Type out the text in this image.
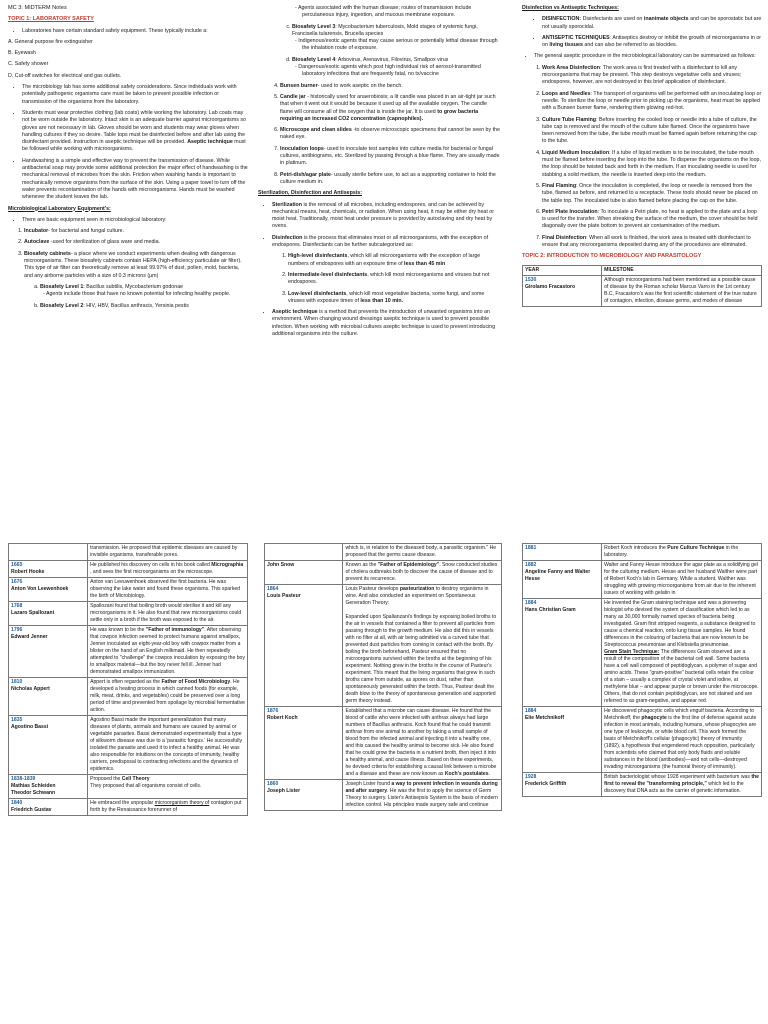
MC 3: MIDTERM Notes
TOPIC 1: LABORATORY SAFETY
• Laboratories have certain standard safety equipment. These typically include a:

A. General purpose fire extinguisher

B. Eyewash

C. Safety shower

D. Cut-off switches for electrical and gas outlets.

• The microbiology lab has some additional safety considerations. Since individuals work with potentially pathogenic organisms care must be taken to prevent possible infection or transmission of the organisms from the laboratory.
• Students must wear protective clothing (lab coats) while working the laboratory. Lab coats may not be worn outside the laboratory. Intact skin is an adequate barrier against microorganisms so gloves are not necessary in lab. Gloves should be worn and students may wear gloves when handling cultures if they so desire. Table tops must be disinfected before and after lab using the disinfectant provided. Instruction in aseptic technique will be provided. Aseptic technique must be followed while working with microorganisms.
• Handwashing is a simple and effective way to prevent the transmission of disease. While antibacterial soap may provide some additional protection the major effect of handwashing is the mechanical removal of microbes from the skin. Friction when washing hands is important to mechanically remove organisms from the surface of the skin. Using a paper towel to turn off the water prevents recontamination of the hands with microorganisms. Hands must be washed whenever the student leaves the lab.
Microbiological Laboratory Equipment's:
• There are basic equipment seen in microbiological laboratory:
1. Incubator- for bacterial and fungal culture.
2. Autoclave -used for sterilization of glass ware and media.
3. Biosafety cabinets- a place where we conduct experiments when dealing with dangerous microorganisms. These biosafety cabinets contain HEPA (high-efficiency particulate air filter). This type of air filter can theoretically remove at least 99.97% of dust, pollen, mold, bacteria, and any airborne particles with a size of 0.3 microns (µm)
a. Biosafety Level 1: Bacillus subtilis, Mycobacterium godonae
- Agents include those that have no known potential for infecting healthy people.
b. Biosafety Level 2: HIV, HBV, Bacillus anthracis, Yersinia pestis
- Agents associated with the human disease; routes of transmission include percutaneous injury, ingestion, and mucous membrane exposure.
c. Biosafety Level 3: Mycobacterium tuberculosis, Mold stages of systemic fungi, Francisella tularensis, Brucella species
- Indigenous/exotic agents that may cause serious or potentially lethal disease through the inhalation route of exposure.
d. Biosafety Level 4: Arbovirus, Arenavirus, Filovirus, Smallpox virus
- Dangerous/exotic agents which post high individual risk of aerosol-transmitted laboratory infections that are frequently fatal, no tx/vaccine
4. Bunsen burner- used to work aseptic on the bench.
5. Candle jar - historically used for anaerobiosis; a lit candle was placed in an air-tight jar such that when it went out it would be because it used up all the available oxygen. The candle flame will consume all of the oxygen that is inside the jar. It is used to grow bacteria requiring an increased CO2 concentration (capnophiles).
6. Microscope and clean slides -to observe microscopic specimens that cannot be seen by the naked eye.
7. Inoculation loops- used to inoculate test samples into culture media for bacterial or fungal cultures, antibiograms, etc. Sterilized by passing through a blue flame. They are usually made in platinum.
8. Petri-dish/agar plate- usually sterile before use, to act as a supporting container to hold the culture medium in.
Sterilization, Disinfection and Antisepsis:
• Sterilization is the removal of all microbes, including endospores, and can be achieved by mechanical means, heat, chemicals, or radiation. When using heat, it may be either dry heat or moist heat. Traditionally, moist heat under pressure is provided by autoclaving and dry heat by ovens.
• Disinfection is the process that eliminates most or all microorganisms, with the exception of endospores. Disinfectants can be further subcategorized as:
1. High-level disinfectants, which kill all microorganisms with the exception of large numbers of endospores with an exposure time of less than 45 min
2. Intermediate-level disinfectants, which kill most microorganisms and viruses but not endospores.
3. Low-level disinfectants, which kill most vegetative bacteria, some fungi, and some viruses with exposure times of less than 10 min.
• Aseptic technique is a method that prevents the introduction of unwanted organisms into an environment. When changing wound dressings aseptic technique is used to prevent possible infection. When working with microbial cultures aseptic technique is used to prevent introducing additional organisms into the culture.
Disinfection vs Antiseptic Techniques:
• DISINFECTION: Disinfectants are used on inanimate objects and can be sporostatic but are not usually sporocidal.
• ANTISEPTIC TECHNIQUES: Antiseptics destroy or inhibit the growth of microorganisms in or on living tissues and can also be referred to as biocides.
• The general aseptic procedure in the microbiological laboratory can be summarized as follows:
1. Work Area Disinfection: The work area is first treated with a disinfectant to kill any microorganisms that may be present. This step destroys vegetative cells and viruses; endospores, however, are not destroyed in this brief application of disinfectant.
2. Loops and Needles: The transport of organisms will be performed with an inoculating loop or needle. To sterilize the loop or needle prior to picking up the organisms, heat must be applied with a Bunsen burner flame, rendering them glowing red-hot.
3. Culture Tube Flaming: Before inserting the cooled loop or needle into a tube of culture, the tube cap is removed and the mouth of the culture tube flamed. Once the organisms have been removed from the tube, the tube mouth must be flamed again before returning the cap to the tube.
4. Liquid Medium Inoculation: If a tube of liquid medium is to be inoculated, the tube mouth must be flamed before inserting the loop into the tube. To disperse the organisms on the loop, the loop should be twisted back and forth in the medium. If an inoculating needle is used for stabbing a solid medium, the needle is inserted deep into the medium.
5. Final Flaming: Once the inoculation is completed, the loop or needle is removed from the tube, flamed as before, and returned to a receptacle. These tools should never be placed on the table top. The inoculated tube is also flamed before placing the cap on the tube.
6. Petri Plate Inoculation: To inoculate a Petri plate, no heat is applied to the plate and a loop is used for the transfer. When streaking the surface of the medium, the cover should be held diagonally over the plate bottom to prevent air contamination of the medium.
7. Final Disinfection: When all work is finished, the work area is treated with disinfectant to ensure that any microorganisms deposited during any of the procedures are eliminated.
TOPIC 2: INTRODUCTION TO MICROBIOLOGY AND PARASITOLOGY
YEAR	MILESTONE

1530
Girolamo Fracastoro	Although microorganisms had been mentioned as a possible cause of disease by the Roman scholar Marcus Varro in the 1st century B.C, Fracastoro's was the first scientific statement of the true nature of contagion, infection, disease germs, and modes of disease
	transmission. He proposed that epidemic diseases are caused by invisible organisms, transferable pores.

1665
Robert Hooke	He published his discovery on cells in his book called Micrographia , and sees the first microorganisms on the microscope.

1676
Anton Von Leewenhoek	Anton van Leeuwenhoek observed the first bacteria. He was observing the lake water and found these organisms. This sparked the birth of Microbiology.

1768
Lazaro Spallozani	Spallozani found that boiling broth would sterilise it and kill any microorganisms in it. He also found that new microorganisms could settle only in a broth if the broth was exposed to the air.

1796
Edward Jenner	He was known to be the "Father of immunology". After observing that cowpox infection seemed to protect humans against smallpox, Jenner inoculated an eight-year-old boy with cowpox matter from a blister on the hand of an English milkmaid. He then repeatedly attempted to "challenge" the cowpox inoculation by exposing the boy to smallpox material—but the boy never fell ill. Jenner had demonstrated smallpox immunization.

1810
Nicholas Appert	Appert is often regarded as the Father of Food Microbiology. He developed a heating process in which canned foods (for example, milk, meat, drinks, and vegetables) could be preserved over a long period of time and prevented from spoilage by microbial fermentative action.

1835
Agostino Bassi	Agostino Bassi made the important generalization that many diseases of plants, animals and humans are caused by animal or vegetable parasites. Bassi demonstrated experimentally that a type of silkworm disease was due to a 'parasitic fungus.' He successfully isolated the parasite and used it to infect a healthy animal. He was also responsible for intuitions on the concepts of immunity, healthy carriers, predisposal to contracting infections and the dynamics of epidemics.

1838-1839
Mathias Schleiden
Theodor Schwann	Proposed the Cell Theory
They proposed that all organisms consist of cells.

1840
Friedrich Gustav	He embraced the unpopular microorganism theory of contagion put forth by the Renaissance forerunner of
	which is, in relation to the diseased body, a parasitic organism." He proposed that the germs cause disease.

John Snow	Known as the "Father of Epidemiology". Snow conducted studies of cholera outbreaks both to discover the cause of disease and to prevent its recurrence.

1864
Louis Pasteur	Louis Pasteur develops pasteurization to destroy organisms in wine. And also conducted an experiment on Spontaneous Generation Theory:

Expanded upon Spallanzani's findings by exposing boiled broths to the air in vessels that contained a filter to prevent all particles from passing through to the growth medium. He also did this in vessels with no filter at all, with air being admitted via a curved tube that prevented dust particles from coming in contact with the broth. By boiling the broth beforehand, Pasteur ensured that no microorganisms survived within the broths at the beginning of his experiment. Nothing grew in the broths in the course of Pasteur's experiment. This meant that the living organisms that grew in such broths came from outside, as spores on dust, rather than spontaneously generated within the broth. Thus, Pasteur dealt the death blow to the theory of spontaneous generation and supported germ theory instead.

1876
Robert Koch	Established that a microbe can cause disease. He found that the blood of cattle who were infected with anthrax always had large numbers of Bacillus anthracis. Koch found that he could transmit anthrax from one animal to another by taking a small sample of blood from the infected animal and injecting it into a healthy one, and this caused the healthy animal to become sick. He also found that he could grow the bacteria in a nutrient broth, then inject it into a healthy animal, and cause illness. Based on these experiments, he devised criteria for establishing a causal link between a microbe and a disease and these are now known as Koch's postulates.

1860
Joseph Lister	Joseph Lister found a way to prevent infection in wounds during and after surgery. He was the first to apply the science of Germ Theory to surgery. Lister's Antisepsis System is the basis of modern infection control. His principles made surgery safe and continue
1881	Robert Koch introduces the Pure Culture Technique in the laboratory.

1882
Angeline Fanny and Walter Hesse	Walter and Fanny Hesse introduce the agar plate as a solidifying gel for the culturing medium. Hesse and her husband Walther were part of Robert Koch's lab in Germany. While a student, Walther was struggling with growing microorganisms from air due to the inherent issues of working with gelatin in

1884
Hans Christian Gram	He invented the Gram staining technique and was a pioneering biologist who devised the system of classification which led to as many as 30,000 formally named species of bacteria being investigated. Gram first stripped reagents, a substance designed to cause a chemical reaction, onto lung tissue samples. He found differences in the colouring of bacteria that are now known to be Streptococcus pneumoniae and Klebsiella pneumoniae.
Gram Stain Technique: The differences Gram observed are a result of the composition of the bacterial cell wall. Some bacteria have a cell wall composed of peptidoglycan, a polymer of sugar and amino acids. These "gram-positive" bacterial cells retain the colour of a stain – usually a complex of crystal violet and iodine, at methylene blue – and appear purple or brown under the microscope. Others, that do not contain peptidoglycan, are not stained and are referred to as gram-negative, and appear red.

1884
Elie Metchnikoff	He discovered phagocytic cells which engulf bacteria. According to Metchnikoff, the phagocyte is the first line of defense against acute infection in most animals, including humans, whose phagocytes are one type of leukocyte, or white blood cell. This work formed the basis of Metchnikoff's cellular (phagocytic) theory of immunity (1892), a hypothesis that engendered much opposition, particularly from scientists who claimed that only body fluids and soluble substances in the blood (antibodies)—and not cells—destroyed invading microorganisms (the humoral theory of immunity).

1928
Frederick Griffith	British bacteriologist whose 1928 experiment with bacterium was the first to reveal the "transforming principle," which led to the discovery that DNA acts as the carrier of genetic information.
